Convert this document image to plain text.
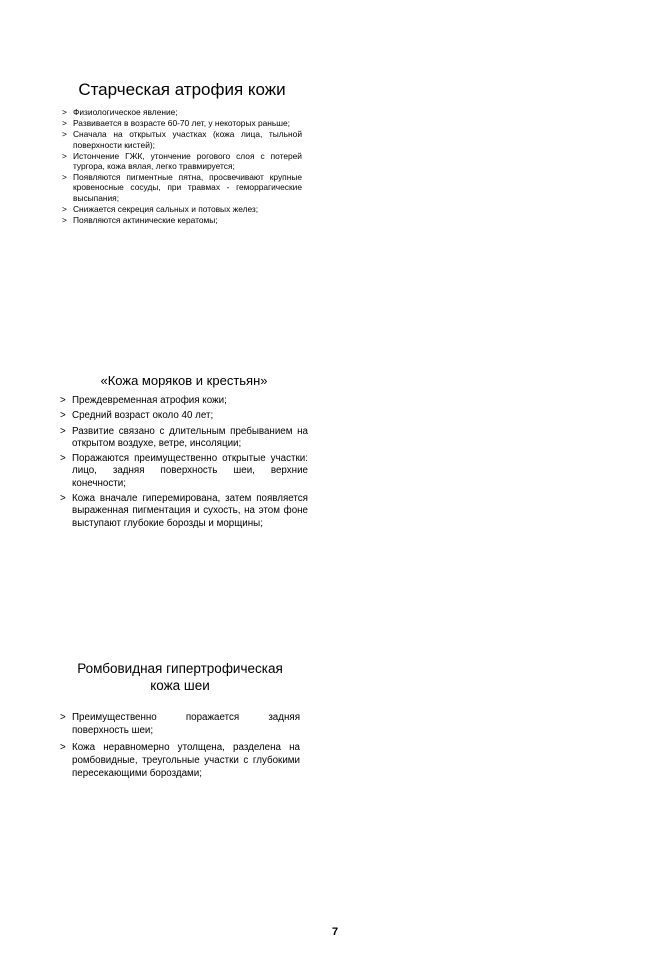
Старческая атрофия кожи
> Физиологическое явление;
> Развивается в возрасте 60-70 лет, у некоторых раньше;
> Сначала на открытых участках (кожа лица, тыльной поверхности кистей);
> Истончение ГЖК, утончение рогового слоя с потерей тургора, кожа вялая, легко травмируется;
> Появляются пигментные пятна, просвечивают крупные кровеносные сосуды, при травмах - геморрагические высыпания;
> Снижается секреция сальных и потовых желез;
> Появляются актинические кератомы;
«Кожа моряков и крестьян»
> Преждевременная атрофия кожи;
> Средний возраст около 40 лет;
> Развитие связано с длительным пребыванием на открытом воздухе, ветре, инсоляции;
> Поражаются преимущественно открытые участки: лицо, задняя поверхность шеи, верхние конечности;
> Кожа вначале гиперемирована, затем появляется выраженная пигментация и сухость, на этом фоне выступают глубокие борозды и морщины;
Ромбовидная гипертрофическая
кожа шеи
> Преимущественно поражается задняя поверхность шеи;
> Кожа неравномерно утолщена, разделена на ромбовидные, треугольные участки с глубокими пересекающими бороздами;
7
